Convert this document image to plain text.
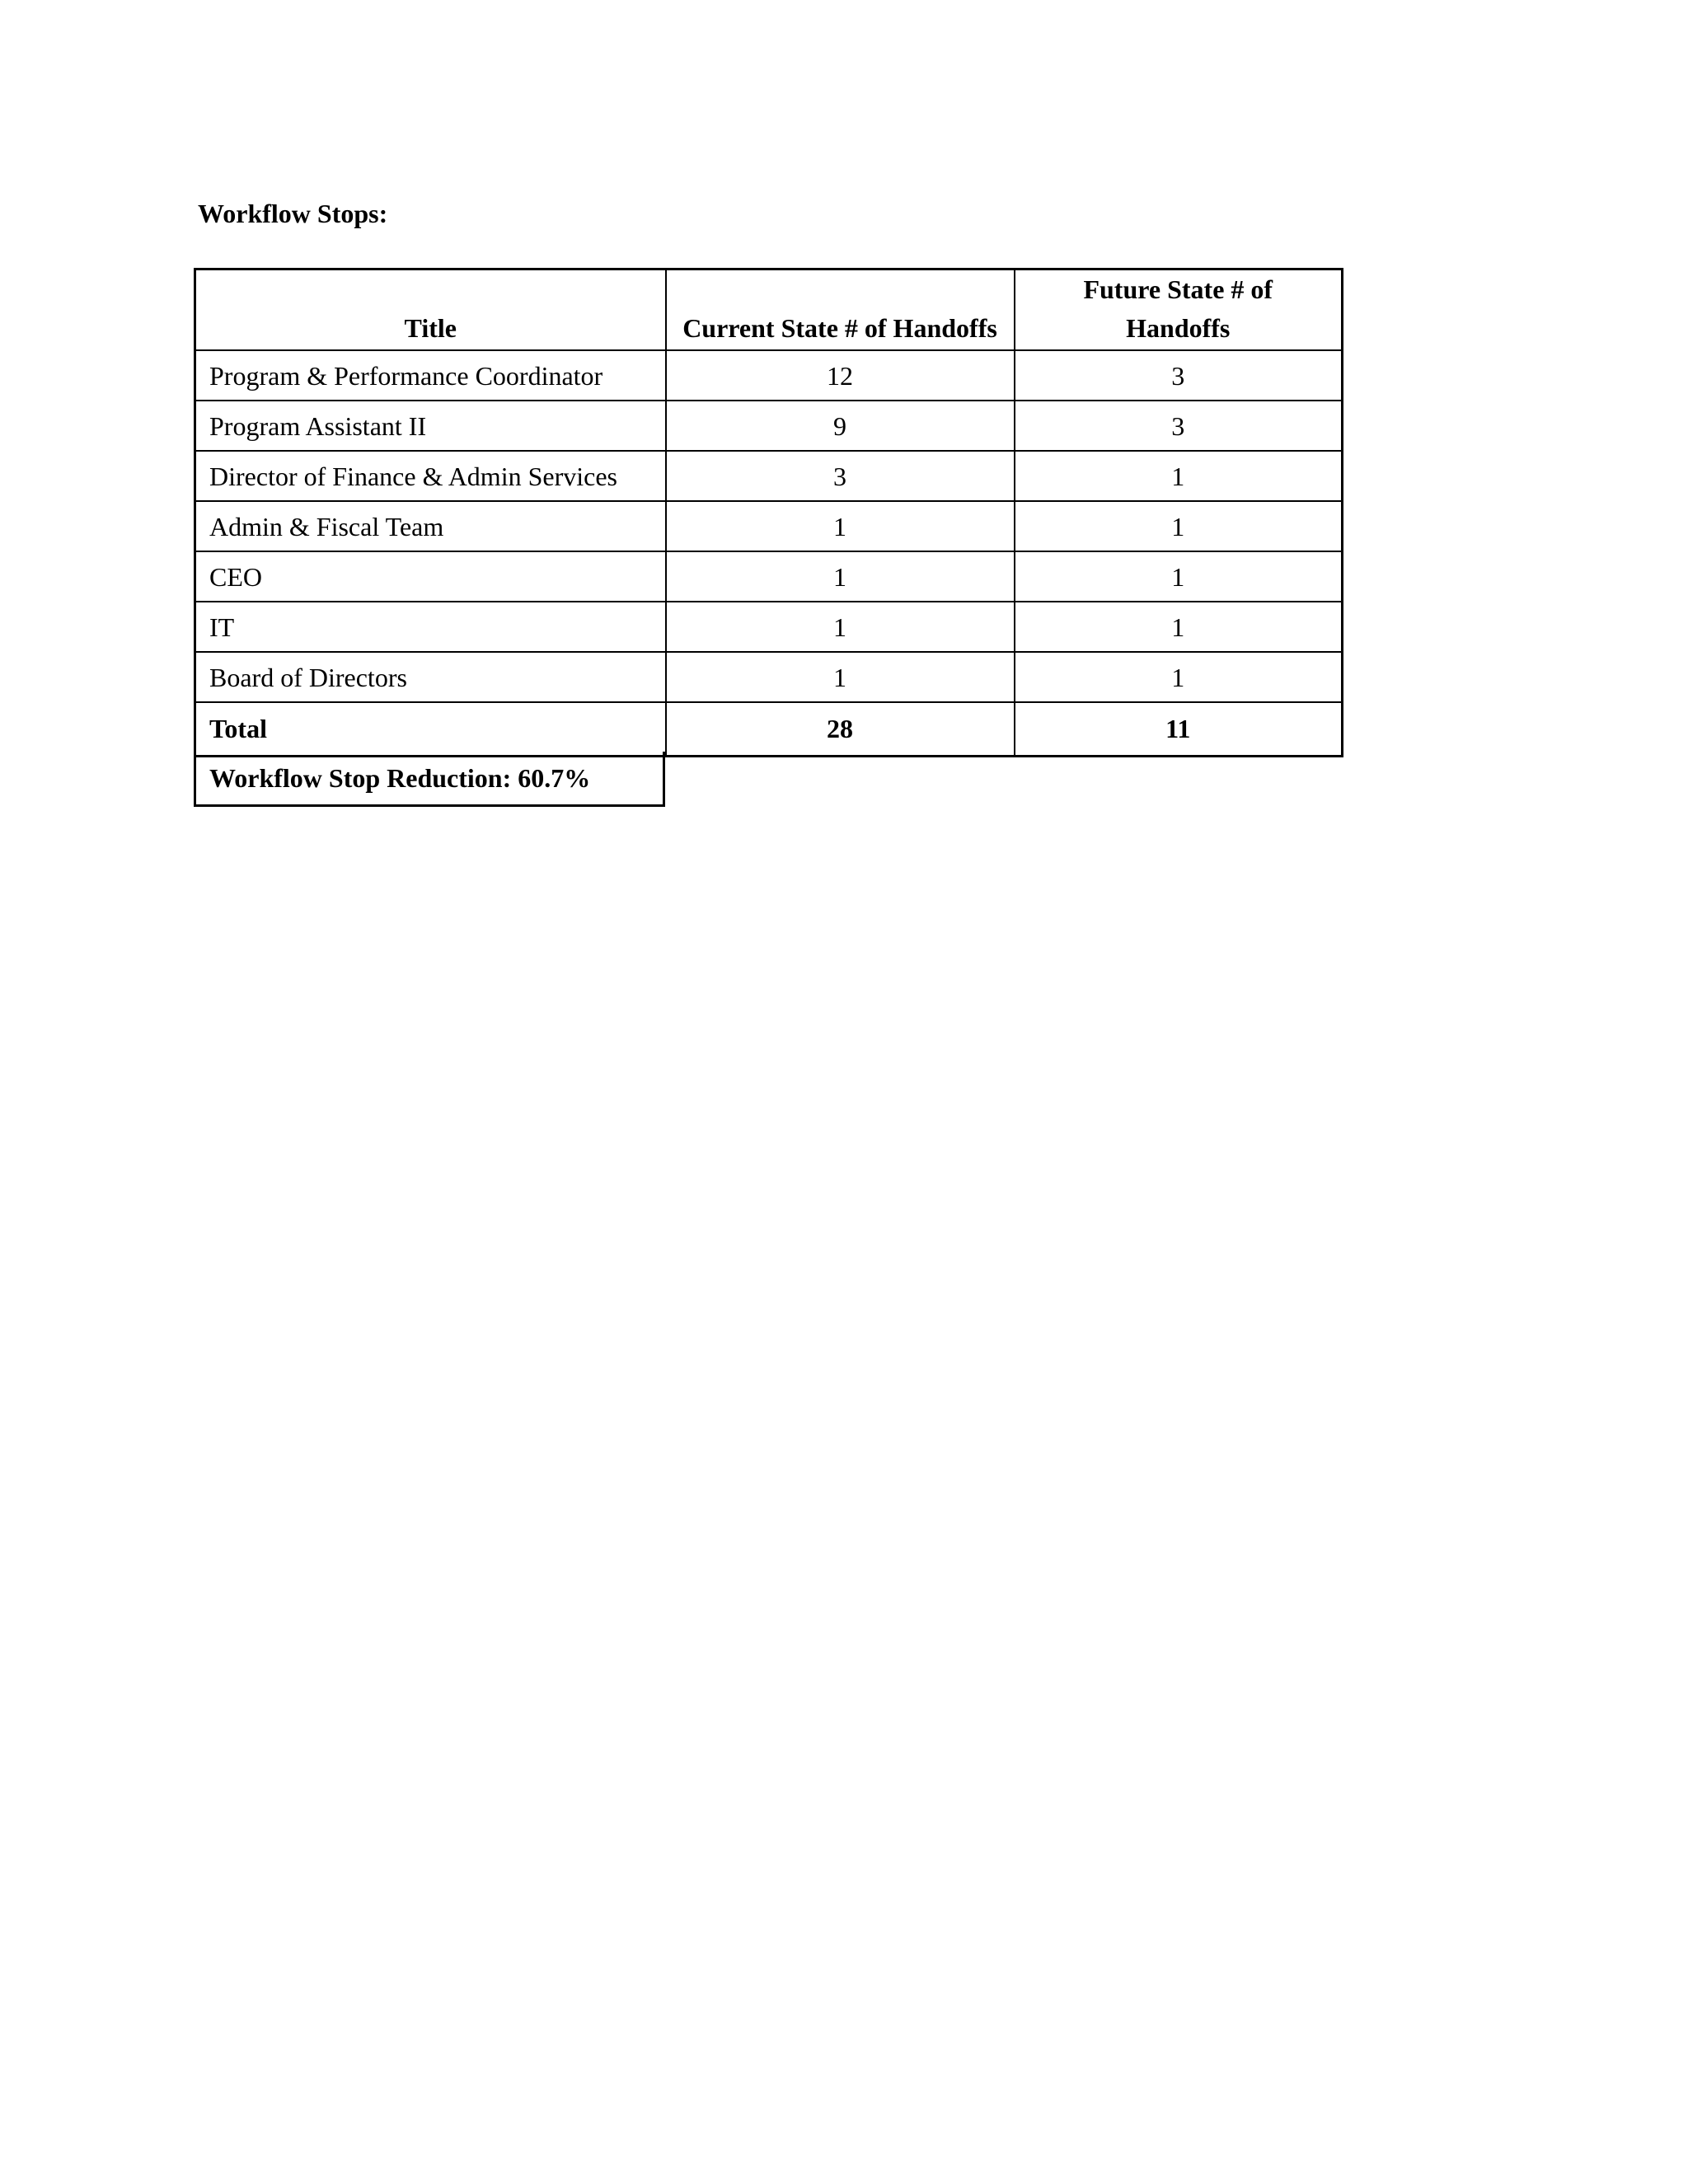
Workflow Stops:
Title	Current State # of Handoffs	Future State # of
Handoffs
Program & Performance Coordinator	12	3
Program Assistant II	9	3
Director of Finance & Admin Services	3	1
Admin & Fiscal Team	1	1
CEO	1	1
IT	1	1
Board of Directors	1	1
Total	28	11
Workflow Stop Reduction: 60.7%
